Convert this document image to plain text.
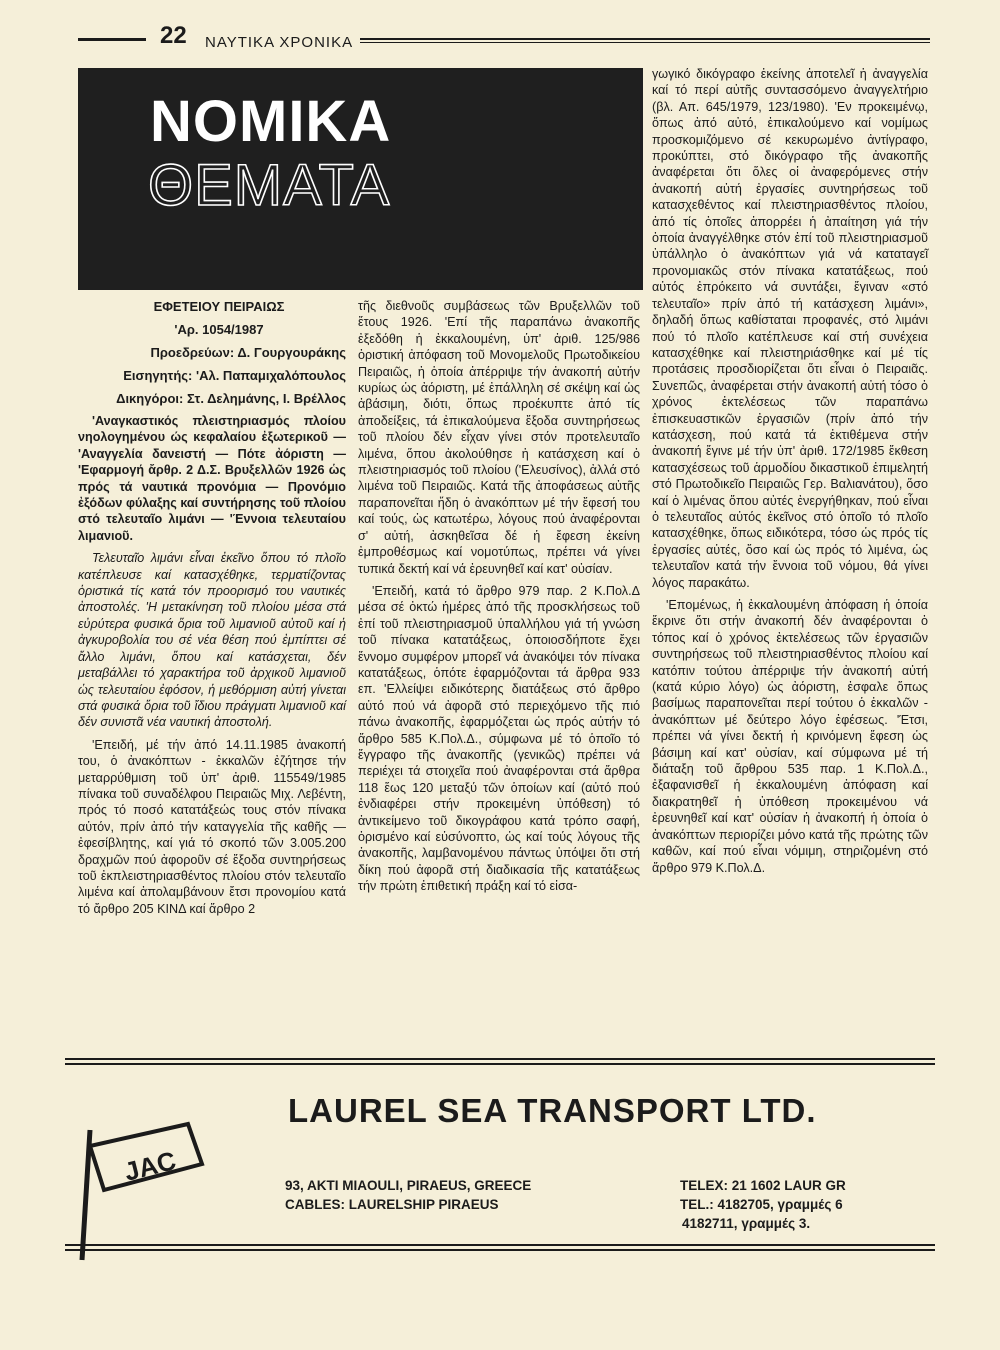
22 ΝΑΥΤΙΚΑ ΧΡΟΝΙΚΑ
ΝΟΜΙΚΑ
ΘΕΜΑΤΑ

ΕΦΕΤΕΙΟΥ ΠΕΙΡΑΙΩΣ

'Αρ. 1054/1987

Προεδρεύων: Δ. Γουργουράκης

Εισηγητής: 'Αλ. Παπαμιχαλόπουλος

Δικηγόροι: Στ. Δελημάνης, Ι. Βρέλλος

'Αναγκαστικός πλειστηριασμός πλοίου νηολογημένου ώς κεφαλαίου ἐξωτερικοῦ — 'Αναγγελία δανειστή — Πότε ἀόριστη — 'Εφαρμογή ἄρθρ. 2 Δ.Σ. Βρυξελλῶν 1926 ὡς πρός τά ναυτικά προνόμια — Προνόμιο ἐξόδων φύλαξης καί συντήρησης τοῦ πλοίου στό τελευταῖο λιμάνι — 'Έννοια τελευταίου λιμανιοῦ.

Τελευταῖο λιμάνι εἶναι ἐκεῖνο ὅπου τό πλοῖο κατέπλευσε καί κατασχέθηκε, τερματίζοντας ὁριστικά τίς κατά τόν προορισμό του ναυτικές ἀποστολές. 'Η μετακίνηση τοῦ πλοίου μέσα στά εὐρύτερα φυσικά ὅρια τοῦ λιμανιοῦ αὐτοῦ καί ἡ ἀγκυροβολία του σέ νέα θέση πού ἐμπίπτει σέ ἄλλο λιμάνι, ὅπου καί κατάσχεται, δέν μεταβάλλει τό χαρακτήρα τοῦ ἀρχικοῦ λιμανιοῦ ὡς τελευταίου ἐφόσον, ἡ μεθόρμιση αὐτή γίνεται στά φυσικά ὅρια τοῦ ἴδιου πράγματι λιμανιοῦ καί δέν συνιστᾶ νέα ναυτική ἀποστολή.

'Επειδή, μέ τήν ἀπό 14.11.1985 ἀνακοπή του, ὁ ἀνακόπτων - ἐκκαλῶν ἐζήτησε τήν μεταρρύθμιση τοῦ ὑπ' ἀριθ. 115549/1985 πίνακα τοῦ συναδέλφου Πειραιῶς Μιχ. Λεβέντη, πρός τό ποσό κατατάξεώς τους στόν πίνακα αὐτόν, πρίν ἀπό τήν καταγγελία τῆς καθῆς — ἐφεσίβλητης, καί γιά τό σκοπό τῶν 3.005.200 δραχμῶν πού ἀφοροῦν σέ ἔξοδα συντηρήσεως τοῦ ἐκπλειστηριασθέντος πλοίου στόν τελευταῖο λιμένα καί ἀπολαμβάνουν ἔτσι προνομίου κατά τό ἄρθρο 205 ΚΙΝΔ καί ἄρθρο 2

τῆς διεθνοῦς συμβάσεως τῶν Βρυξελλῶν τοῦ ἔτους 1926. 'Επί τῆς παραπάνω ἀνακοπῆς ἐξεδόθη ἡ ἐκκαλουμένη, ὑπ' ἀριθ. 125/986 ὁριστική ἀπόφαση τοῦ Μονομελοῦς Πρωτοδικείου Πειραιῶς, ἡ ὁποία ἀπέρριψε τήν ἀνακοπή αὐτήν κυρίως ὡς ἀόριστη, μέ ἐπάλληλη σέ σκέψη καί ὡς ἀβάσιμη, διότι, ὅπως προέκυπτε ἀπό τίς ἀποδείξεις, τά ἐπικαλούμενα ἔξοδα συντηρήσεως τοῦ πλοίου δέν εἶχαν γίνει στόν προτελευταῖο λιμένα, ὅπου ἀκολούθησε ἡ κατάσχεση καί ὁ πλειστηριασμός τοῦ πλοίου ('Ελευσίνος), ἀλλά στό λιμένα τοῦ Πειραιῶς. Κατά τῆς ἀποφάσεως αὐτῆς παραπονεῖται ἤδη ὁ ἀνακόπτων μέ τήν ἔφεσή του καί τούς, ὡς κατωτέρω, λόγους πού ἀναφέρονται σ' αὐτή, ἀσκηθεῖσα δέ ἡ ἔφεση ἐκείνη ἐμπροθέσμως καί νομοτύπως, πρέπει νά γίνει τυπικά δεκτή καί νά ἐρευνηθεῖ καί κατ' οὐσίαν.

'Επειδή, κατά τό ἄρθρο 979 παρ. 2 Κ.Πολ.Δ μέσα σέ ὀκτώ ἡμέρες ἀπό τῆς προσκλήσεως τοῦ ἐπί τοῦ πλειστηριασμοῦ ὑπαλλήλου γιά τή γνώση τοῦ πίνακα κατατάξεως, ὁποιοσδήποτε ἔχει ἔννομο συμφέρον μπορεῖ νά ἀνακόψει τόν πίνακα κατατάξεως, ὁπότε ἐφαρμόζονται τά ἄρθρα 933 επ. 'Ελλείψει ειδικότερης διατάξεως στό ἄρθρο αὐτό πού νά ἀφορᾶ στό περιεχόμενο τῆς πιό πάνω ἀνακοπῆς, ἐφαρμόζεται ὡς πρός αὐτήν τό ἄρθρο 585 Κ.Πολ.Δ., σύμφωνα μέ τό ὁποῖο τό ἔγγραφο τῆς ἀνακοπῆς (γενικῶς) πρέπει νά περιέχει τά στοιχεῖα πού ἀναφέρονται στά ἄρθρα 118 ἕως 120 μεταξύ τῶν ὁποίων καί (αὐτό πού ἐνδιαφέρει στήν προκειμένη ὑπόθεση) τό ἀντικείμενο τοῦ δικογράφου κατά τρόπο σαφή, ὁρισμένο καί εὐσύνοπτο, ὡς καί τούς λόγους τῆς ἀνακοπῆς, λαμβανομένου πάντως ὑπόψει ὅτι στή δίκη πού ἀφορᾶ στή διαδικασία τῆς κατατάξεως τήν πρώτη ἐπιθετική πράξη καί τό εἰσα-

γωγικό δικόγραφο ἐκείνης ἀποτελεῖ ἡ ἀναγγελία καί τό περί αὐτῆς συντασσόμενο ἀναγγελτήριο (βλ. Απ. 645/1979, 123/1980). 'Εν προκειμένῳ, ὅπως ἀπό αὐτό, ἐπικαλούμενο καί νομίμως προσκομιζόμενο σέ κεκυρωμένο ἀντίγραφο, προκύπτει, στό δικόγραφο τῆς ἀνακοπῆς ἀναφέρεται ὅτι ὅλες οἱ ἀναφερόμενες στήν ἀνακοπή αὐτή ἐργασίες συντηρήσεως τοῦ κατασχεθέντος καί πλειστηριασθέντος πλοίου, ἀπό τίς ὁποῖες ἀπορρέει ἡ ἀπαίτηση γιά τήν ὁποία ἀναγγέλθηκε στόν ἐπί τοῦ πλειστηριασμοῦ ὑπάλληλο ὁ ἀνακόπτων γιά νά καταταγεῖ προνομιακῶς στόν πίνακα κατατάξεως, πού αὐτός ἐπρόκειτο νά συντάξει, ἔγιναν «στό τελευταῖο» πρίν ἀπό τή κατάσχεση λιμάνι», δηλαδή ὅπως καθίσταται προφανές, στό λιμάνι πού τό πλοῖο κατέπλευσε καί στή συνέχεια κατασχέθηκε καί πλειστηριάσθηκε καί μέ τίς προτάσεις προσδιορίζεται ὅτι εἶναι ὁ Πειραιᾶς. Συνεπῶς, ἀναφέρεται στήν ἀνακοπή αὐτή τόσο ὁ χρόνος ἐκτελέσεως τῶν παραπάνω ἐπισκευαστικῶν ἐργασιῶν (πρίν ἀπό τήν κατάσχεση, πού κατά τά ἐκτιθέμενα στήν ἀνακοπή ἔγινε μέ τήν ὑπ' ἀριθ. 172/1985 ἔκθεση κατασχέσεως τοῦ ἁρμοδίου δικαστικοῦ ἐπιμελητή στό Πρωτοδικεῖο Πειραιῶς Γερ. Βαλιανάτου), ὅσο καί ὁ λιμένας ὅπου αὐτές ἐνεργήθηκαν, πού εἶναι ὁ τελευταῖος αὐτός ἐκεῖνος στό ὁποῖο τό πλοῖο κατασχέθηκε, ὅπως ειδικότερα, τόσο ὡς πρός τίς ἐργασίες αὐτές, ὅσο καί ὡς πρός τό λιμένα, ὡς τελευταῖον κατά τήν ἔννοια τοῦ νόμου, θά γίνει λόγος παρακάτω.

'Επομένως, ἡ ἐκκαλουμένη ἀπόφαση ἡ ὁποία ἔκρινε ὅτι στήν ἀνακοπή δέν ἀναφέρονται ὁ τόπος καί ὁ χρόνος ἐκτελέσεως τῶν ἐργασιῶν συντηρήσεως τοῦ πλειστηριασθέντος πλοίου καί κατόπιν τούτου ἀπέρριψε τήν ἀνακοπή αὐτή (κατά κύριο λόγο) ὡς ἀόριστη, ἐσφαλε ὅπως βασίμως παραπονεῖται περί τούτου ὁ ἐκκαλῶν - ἀνακόπτων μέ δεύτερο λόγο ἐφέσεως. 'Έτσι, πρέπει νά γίνει δεκτή ἡ κρινόμενη ἔφεση ὡς βάσιμη καί κατ' οὐσίαν, καί σύμφωνα μέ τή διάταξη τοῦ ἄρθρου 535 παρ. 1 Κ.Πολ.Δ., ἐξαφανισθεῖ ἡ ἐκκαλουμένη ἀπόφαση καί διακρατηθεῖ ἡ ὑπόθεση προκειμένου νά ἐρευνηθεῖ καί κατ' οὐσίαν ἡ ἀνακοπή ἡ ὁποία ὁ ἀνακόπτων περιορίζει μόνο κατά τῆς πρώτης τῶν καθῶν, καί πού εἶναι νόμιμη, στηριζομένη στό ἄρθρο 979 Κ.Πολ.Δ.

LAUREL SEA TRANSPORT LTD.
JAC	93, AKTI MIAOULI, PIRAEUS, GREECE
CABLES: LAURELSHIP PIRAEUS
TELEX: 21 1602 LAUR GR
TEL.: 4182705, γραμμές 6
4182711, γραμμές 3.
